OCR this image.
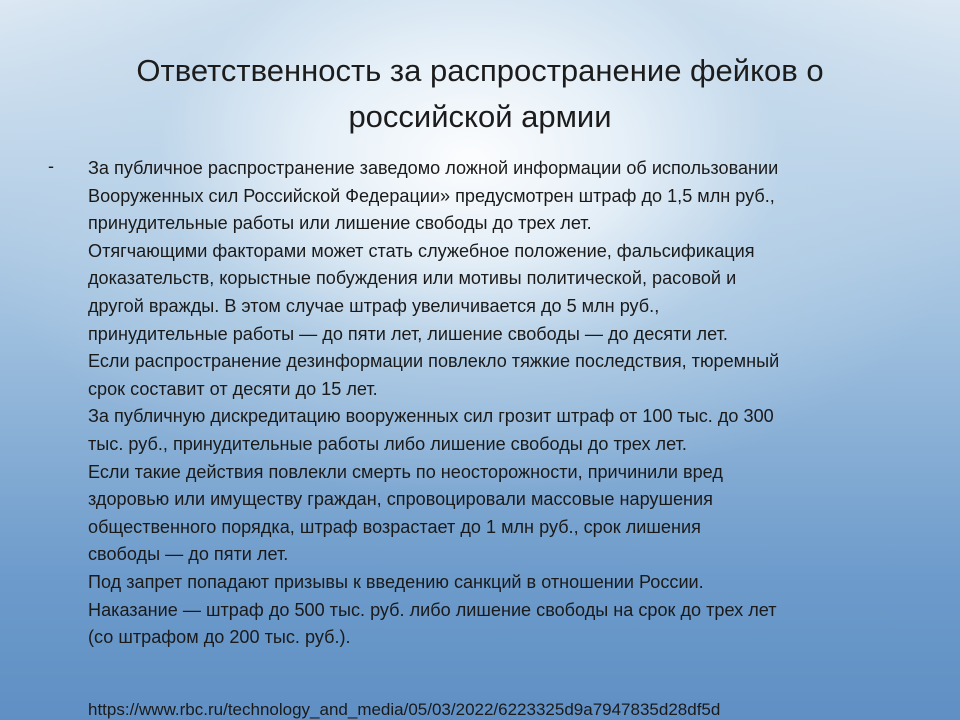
Ответственность за распространение фейков о
российской армии
- За публичное распространение заведомо ложной информации об использовании
Вооруженных сил Российской Федерации» предусмотрен штраф до 1,5 млн руб.,
принудительные работы или лишение свободы до трех лет.
Отягчающими факторами может стать служебное положение, фальсификация
доказательств, корыстные побуждения или мотивы политической, расовой и
другой вражды. В этом случае штраф увеличивается до 5 млн руб.,
принудительные работы — до пяти лет, лишение свободы — до десяти лет.
Если распространение дезинформации повлекло тяжкие последствия, тюремный
срок составит от десяти до 15 лет.
За публичную дискредитацию вооруженных сил грозит штраф от 100 тыс. до 300
тыс. руб., принудительные работы либо лишение свободы до трех лет.
Если такие действия повлекли смерть по неосторожности, причинили вред
здоровью или имуществу граждан, спровоцировали массовые нарушения
общественного порядка, штраф возрастает до 1 млн руб., срок лишения
свободы — до пяти лет.
Под запрет попадают призывы к введению санкций в отношении России.
Наказание — штраф до 500 тыс. руб. либо лишение свободы на срок до трех лет
(со штрафом до 200 тыс. руб.).
https://www.rbc.ru/technology_and_media/05/03/2022/6223325d9a7947835d28df5d
